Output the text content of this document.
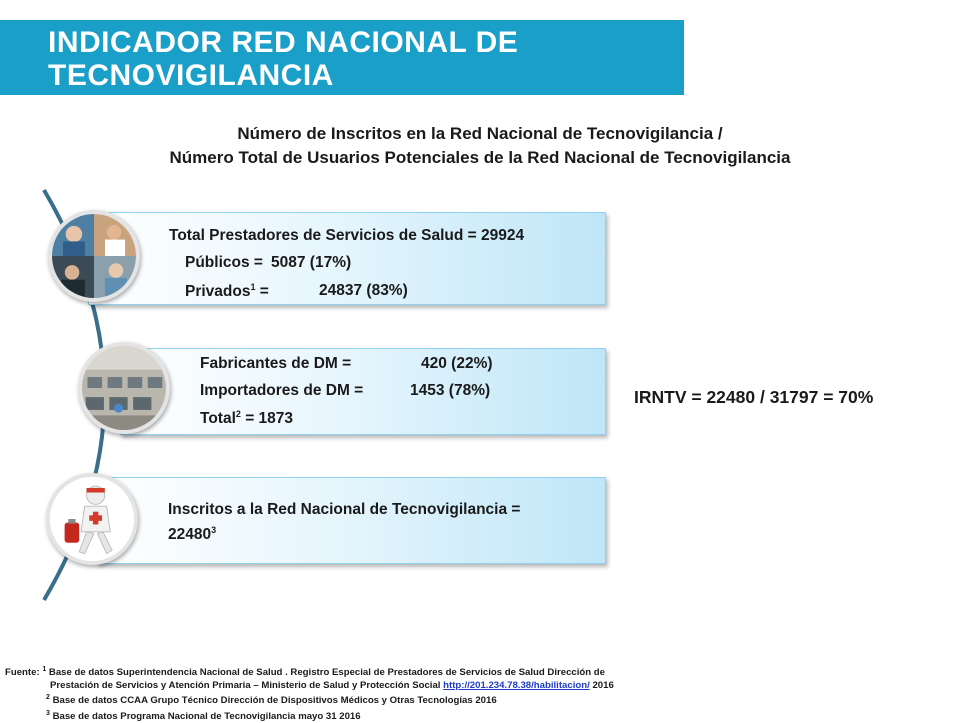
INDICADOR RED NACIONAL DE
TECNOVIGILANCIA
Número de Inscritos en la Red Nacional de Tecnovigilancia /
Número Total de Usuarios Potenciales de la Red Nacional de Tecnovigilancia
Total Prestadores de Servicios de Salud = 29924
Públicos = 5087 (17%)
Privados$^1$ =	24837 (83%)
Fabricantes de DM =	420 (22%)
Importadores de DM =	1453 (78%)
Total$^2$ = 1873
Inscritos a la Red Nacional de Tecnovigilancia =
$22480^3$
IRNTV = 22480 / 31797 = 70%
Fuente: $^1$ Base de datos Superintendencia Nacional de Salud . Registro Especial de Prestadores de Servicios de Salud Dirección de
Prestación de Servicios y Atención Primaria – Ministerio de Salud y Protección Social http://201.234.78.38/habilitacion/ 2016
$^2$ Base de datos CCAA Grupo Técnico Dirección de Dispositivos Médicos y Otras Tecnologías 2016
$^3$ Base de datos Programa Nacional de Tecnovigilancia mayo 31 2016
